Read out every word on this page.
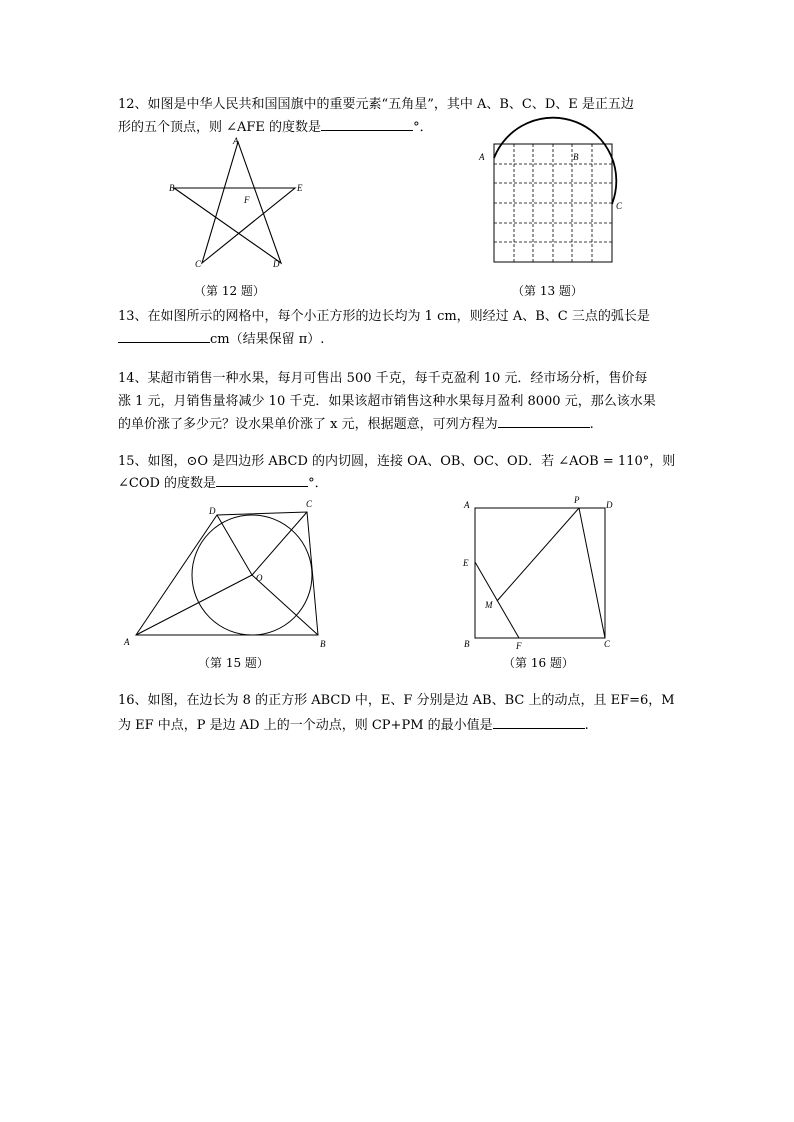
12、如图是中华人民共和国国旗中的重要元素“五角星”，其中 A、B、C、D、E 是正五边
形的五个顶点，则 ∠AFE 的度数是	°．
A
B	E
F
C	D
（第 12 题）
A	B
C
（第 13 题）
13、在如图所示的网格中，每个小正方形的边长均为 1 cm，则经过 A、B、C 三点的弧长是
cm（结果保留 π）.
14、某超市销售一种水果，每月可售出 500 千克，每千克盈利 10 元．经市场分析，售价每
涨 1 元，月销售量将减少 10 千克．如果该超市销售这种水果每月盈利 8000 元，那么该水果
的单价涨了多少元？设水果单价涨了 x 元，根据题意，可列方程为	.
15、如图，⊙O 是四边形 ABCD 的内切圆，连接 OA、OB、OC、OD．若 ∠AOB = 110°，则
∠COD 的度数是	°．
A	B
C
D
O
（第 15 题）
A	P	D
E
M
B	F	C
（第 16 题）
16、如图，在边长为 8 的正方形 ABCD 中，E、F 分别是边 AB、BC 上的动点，且 EF=6，M
为 EF 中点，P 是边 AD 上的一个动点，则 CP+PM 的最小值是	.
